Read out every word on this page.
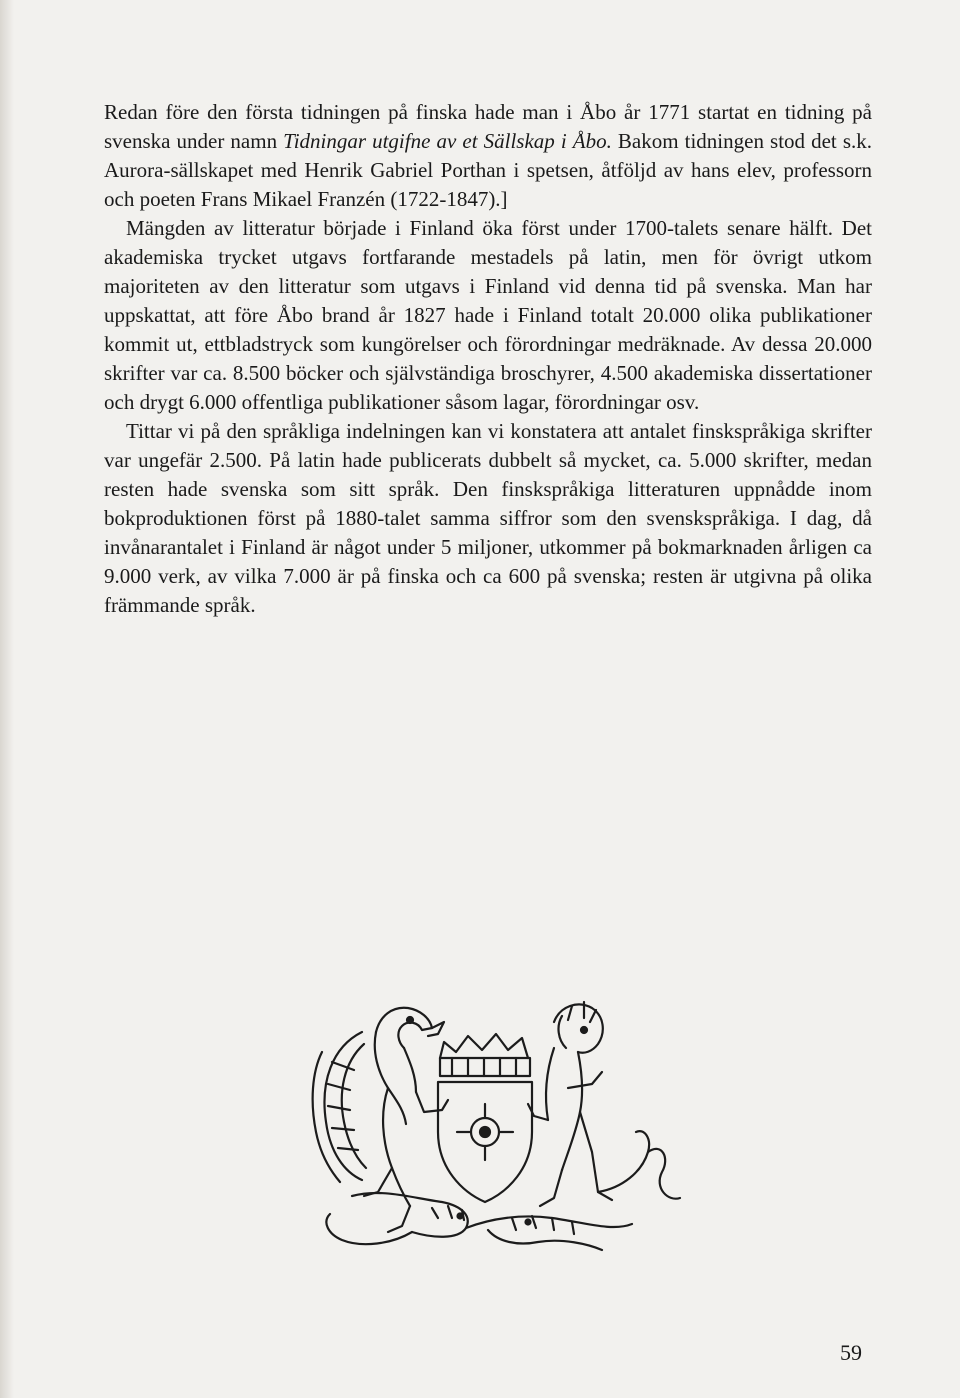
Redan före den första tidningen på finska hade man i Åbo år 1771 startat en tidning på svenska under namn Tidningar utgifne av et Sällskap i Åbo. Bakom tidningen stod det s.k. Aurora-sällskapet med Henrik Gabriel Porthan i spetsen, åtföljd av hans elev, professorn och poeten Frans Mikael Franzén (1722-1847).]

Mängden av litteratur började i Finland öka först under 1700-talets senare hälft. Det akademiska trycket utgavs fortfarande mestadels på latin, men för övrigt utkom majoriteten av den litteratur som utgavs i Finland vid denna tid på svenska. Man har uppskattat, att före Åbo brand år 1827 hade i Finland totalt 20.000 olika publikationer kommit ut, ettbladstryck som kungörelser och förordningar medräknade. Av dessa 20.000 skrifter var ca. 8.500 böcker och självständiga broschyrer, 4.500 akademiska dissertationer och drygt 6.000 offentliga publikationer såsom lagar, förordningar osv.

Tittar vi på den språkliga indelningen kan vi konstatera att antalet finskspråkiga skrifter var ungefär 2.500. På latin hade publicerats dubbelt så mycket, ca. 5.000 skrifter, medan resten hade svenska som sitt språk. Den finskspråkiga litteraturen uppnådde inom bokproduktionen först på 1880-talet samma siffror som den svenskspråkiga. I dag, då invånarantalet i Finland är något under 5 miljoner, utkommer på bokmarknaden årligen ca 9.000 verk, av vilka 7.000 är på finska och ca 600 på svenska; resten är utgivna på olika främmande språk.

59
